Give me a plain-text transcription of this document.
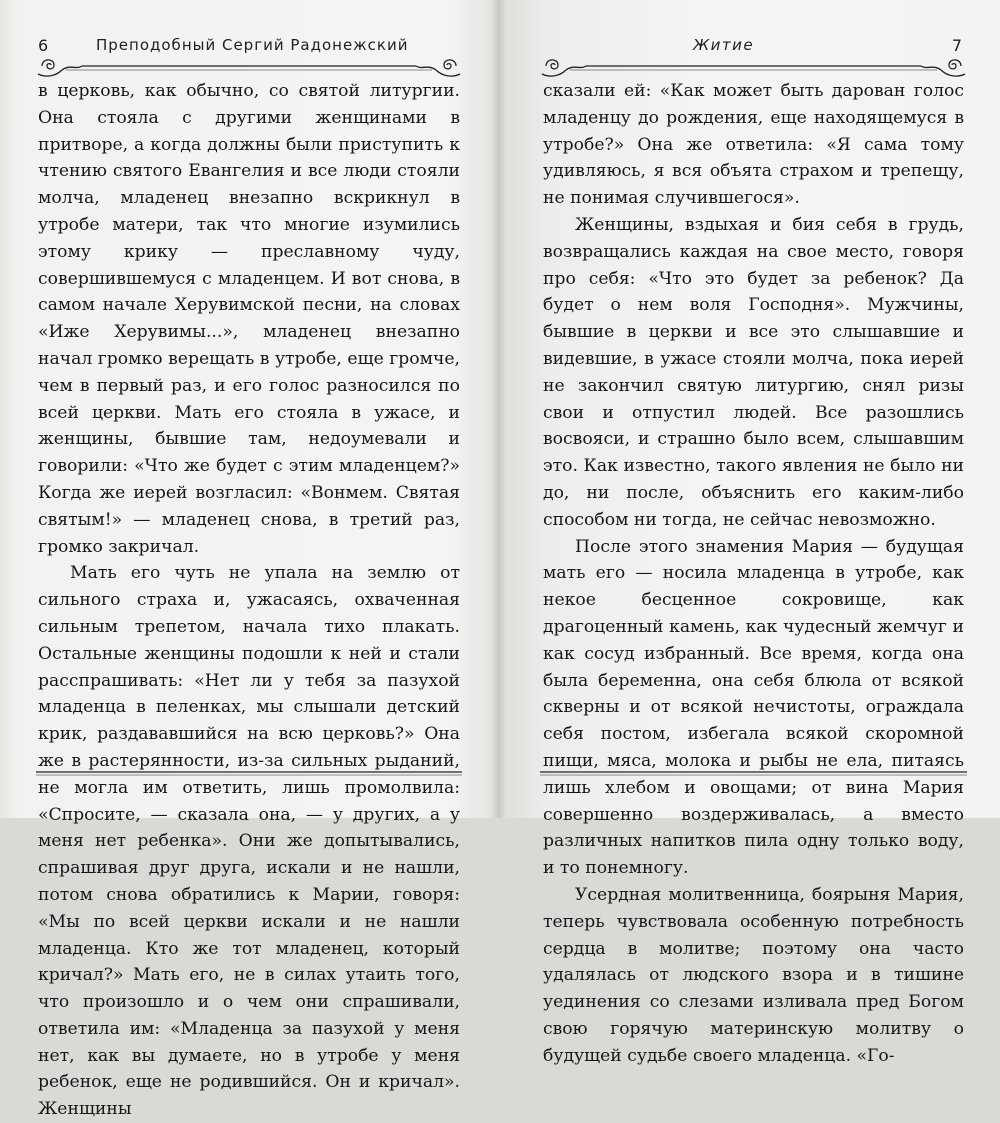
6	Преподобный Сергий Радонежский

в церковь, как обычно, со святой литургии. Она стояла с другими женщинами в притворе, а когда должны были приступить к чтению святого Евангелия и все люди стояли молча, младенец внезапно вскрикнул в утробе матери, так что многие изумились этому крику — преславному чуду, совершившемуся с младенцем. И вот снова, в самом начале Херувимской песни, на словах «Иже Херувимы...», младенец внезапно начал громко верещать в утробе, еще громче, чем в первый раз, и его голос разносился по всей церкви. Мать его стояла в ужасе, и женщины, бывшие там, недоумевали и говорили: «Что же будет с этим младенцем?» Когда же иерей возгласил: «Вонмем. Святая святым!» — младенец снова, в третий раз, громко закричал.

Мать его чуть не упала на землю от сильного страха и, ужасаясь, охваченная сильным трепетом, начала тихо плакать. Остальные женщины подошли к ней и стали расспрашивать: «Нет ли у тебя за пазухой младенца в пеленках, мы слышали детский крик, раздававшийся на всю церковь?» Она же в растерянности, из-за сильных рыданий, не могла им ответить, лишь промолвила: «Спросите, — сказала она, — у других, а у меня нет ребенка». Они же допытывались, спрашивая друг друга, искали и не нашли, потом снова обратились к Марии, говоря: «Мы по всей церкви искали и не нашли младенца. Кто же тот младенец, который кричал?» Мать его, не в силах утаить того, что произошло и о чем они спрашивали, ответила им: «Младенца за пазухой у меня нет, как вы думаете, но в утробе у меня ребенок, еще не родившийся. Он и кричал». Женщины

Житие	7

сказали ей: «Как может быть дарован голос младенцу до рождения, еще находящемуся в утробе?» Она же ответила: «Я сама тому удивляюсь, я вся объята страхом и трепещу, не понимая случившегося».

Женщины, вздыхая и бия себя в грудь, возвращались каждая на свое место, говоря про себя: «Что это будет за ребенок? Да будет о нем воля Господня». Мужчины, бывшие в церкви и все это слышавшие и видевшие, в ужасе стояли молча, пока иерей не закончил святую литургию, снял ризы свои и отпустил людей. Все разошлись восвояси, и страшно было всем, слышавшим это. Как известно, такого явления не было ни до, ни после, объяснить его каким-либо способом ни тогда, не сейчас невозможно.

После этого знамения Мария — будущая мать его — носила младенца в утробе, как некое бесценное сокровище, как драгоценный камень, как чудесный жемчуг и как сосуд избранный. Все время, когда она была беременна, она себя блюла от всякой скверны и от всякой нечистоты, ограждала себя постом, избегала всякой скоромной пищи, мяса, молока и рыбы не ела, питаясь лишь хлебом и овощами; от вина Мария совершенно воздерживалась, а вместо различных напитков пила одну только воду, и то понемногу.

Усердная молитвенница, боярыня Мария, теперь чувствовала особенную потребность сердца в молитве; поэтому она часто удалялась от людского взора и в тишине уединения со слезами изливала пред Богом свою горячую материнскую молитву о будущей судьбе своего младенца. «Го-
